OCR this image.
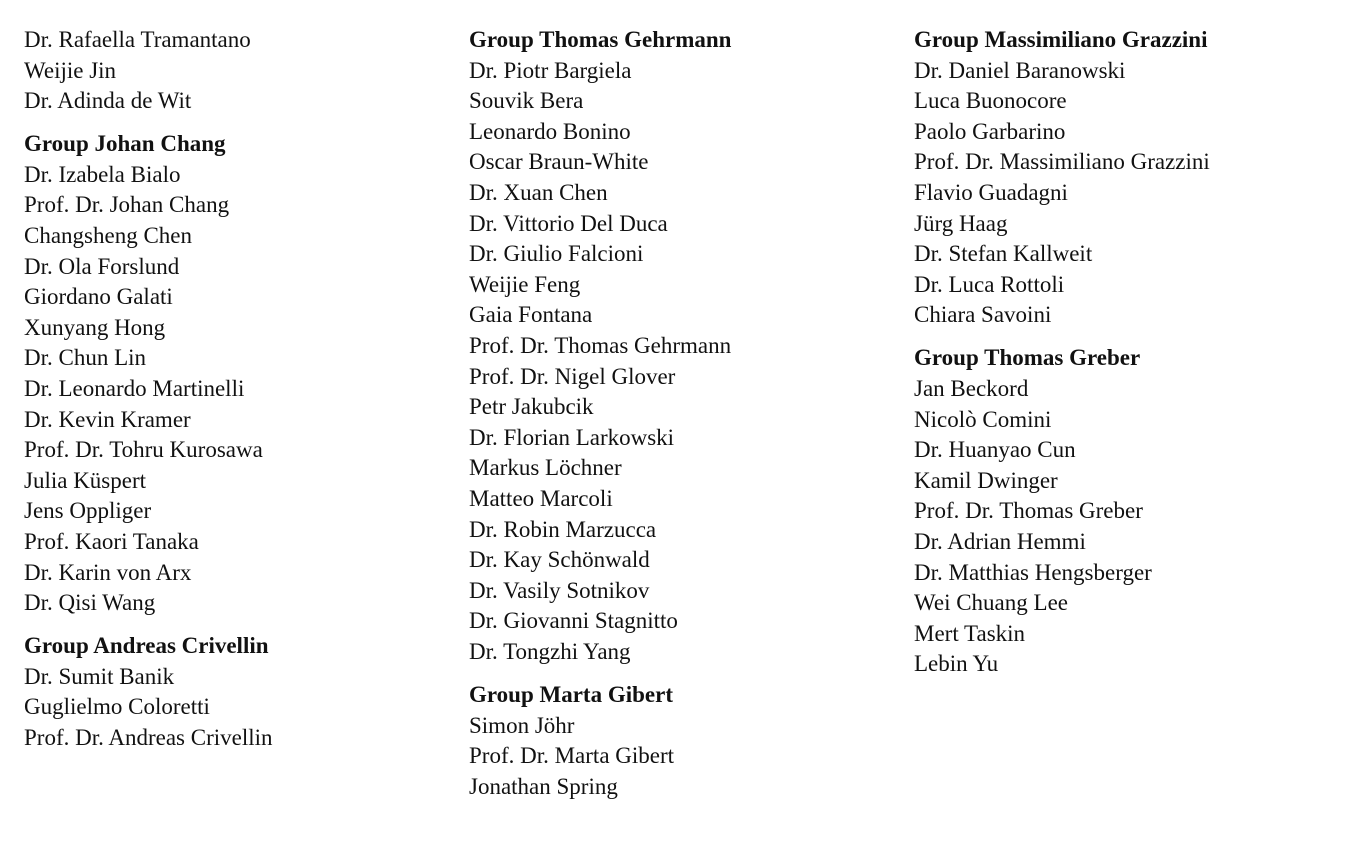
Dr. Rafaella Tramantano
Weijie Jin
Dr. Adinda de Wit
Group Johan Chang
Dr. Izabela Bialo
Prof. Dr. Johan Chang
Changsheng Chen
Dr. Ola Forslund
Giordano Galati
Xunyang Hong
Dr. Chun Lin
Dr. Leonardo Martinelli
Dr. Kevin Kramer
Prof. Dr. Tohru Kurosawa
Julia Küspert
Jens Oppliger
Prof. Kaori Tanaka
Dr. Karin von Arx
Dr. Qisi Wang
Group Andreas Crivellin
Dr. Sumit Banik
Guglielmo Coloretti
Prof. Dr. Andreas Crivellin
Group Thomas Gehrmann
Dr. Piotr Bargiela
Souvik Bera
Leonardo Bonino
Oscar Braun-White
Dr. Xuan Chen
Dr. Vittorio Del Duca
Dr. Giulio Falcioni
Weijie Feng
Gaia Fontana
Prof. Dr. Thomas Gehrmann
Prof. Dr. Nigel Glover
Petr Jakubcik
Dr. Florian Larkowski
Markus Löchner
Matteo Marcoli
Dr. Robin Marzucca
Dr. Kay Schönwald
Dr. Vasily Sotnikov
Dr. Giovanni Stagnitto
Dr. Tongzhi Yang
Group Marta Gibert
Simon Jöhr
Prof. Dr. Marta Gibert
Jonathan Spring
Group Massimiliano Grazzini
Dr. Daniel Baranowski
Luca Buonocore
Paolo Garbarino
Prof. Dr. Massimiliano Grazzini
Flavio Guadagni
Jürg Haag
Dr. Stefan Kallweit
Dr. Luca Rottoli
Chiara Savoini
Group Thomas Greber
Jan Beckord
Nicolò Comini
Dr. Huanyao Cun
Kamil Dwinger
Prof. Dr. Thomas Greber
Dr. Adrian Hemmi
Dr. Matthias Hengsberger
Wei Chuang Lee
Mert Taskin
Lebin Yu
